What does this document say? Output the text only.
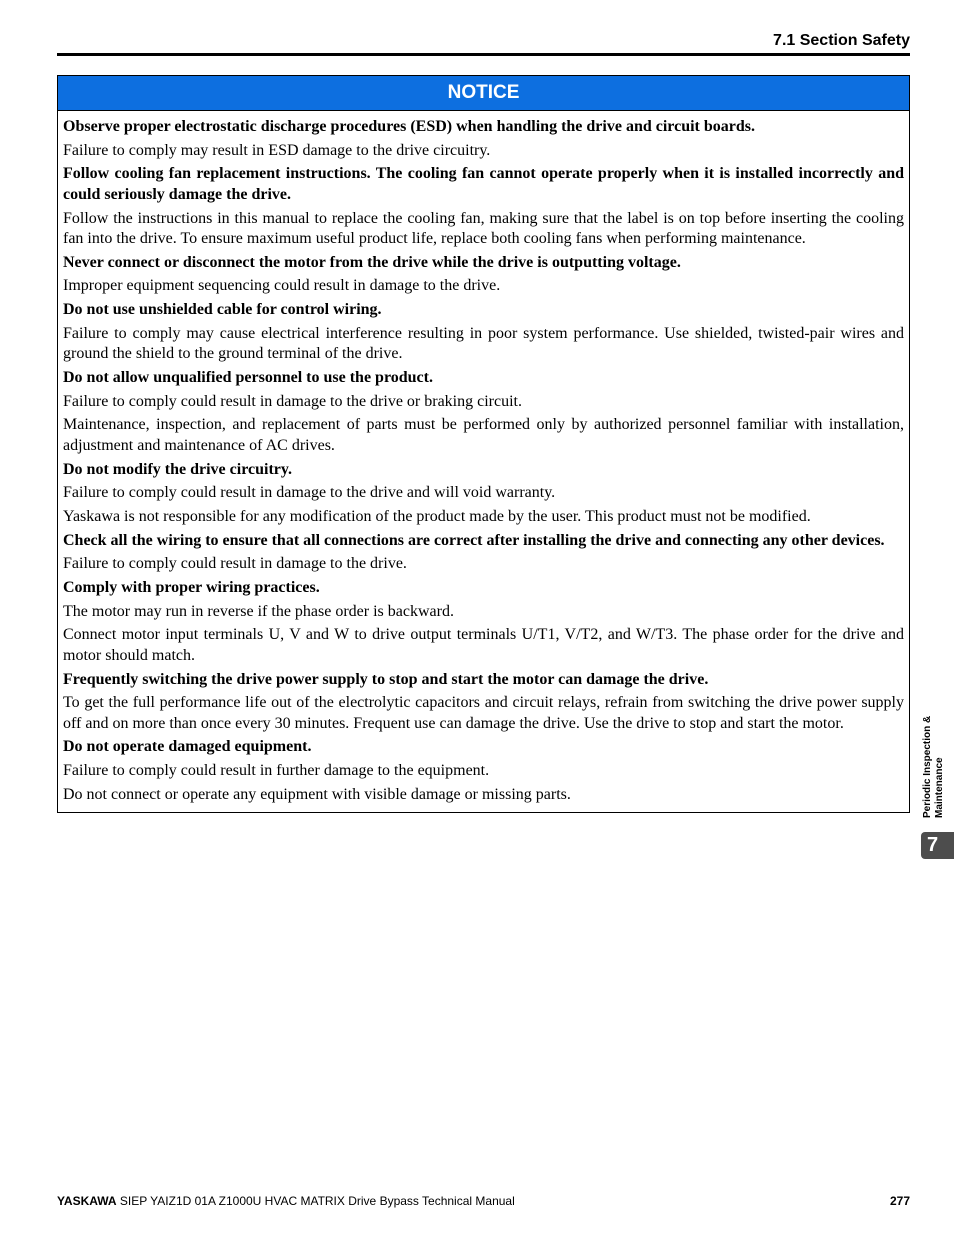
7.1 Section Safety
NOTICE

Observe proper electrostatic discharge procedures (ESD) when handling the drive and circuit boards.

Failure to comply may result in ESD damage to the drive circuitry.

Follow cooling fan replacement instructions. The cooling fan cannot operate properly when it is installed incorrectly and could seriously damage the drive.

Follow the instructions in this manual to replace the cooling fan, making sure that the label is on top before inserting the cooling fan into the drive. To ensure maximum useful product life, replace both cooling fans when performing maintenance.

Never connect or disconnect the motor from the drive while the drive is outputting voltage.

Improper equipment sequencing could result in damage to the drive.

Do not use unshielded cable for control wiring.

Failure to comply may cause electrical interference resulting in poor system performance. Use shielded, twisted-pair wires and ground the shield to the ground terminal of the drive.

Do not allow unqualified personnel to use the product.

Failure to comply could result in damage to the drive or braking circuit.

Maintenance, inspection, and replacement of parts must be performed only by authorized personnel familiar with installation, adjustment and maintenance of AC drives.

Do not modify the drive circuitry.

Failure to comply could result in damage to the drive and will void warranty.

Yaskawa is not responsible for any modification of the product made by the user. This product must not be modified.

Check all the wiring to ensure that all connections are correct after installing the drive and connecting any other devices.

Failure to comply could result in damage to the drive.

Comply with proper wiring practices.

The motor may run in reverse if the phase order is backward.

Connect motor input terminals U, V and W to drive output terminals U/T1, V/T2, and W/T3. The phase order for the drive and motor should match.

Frequently switching the drive power supply to stop and start the motor can damage the drive.

To get the full performance life out of the electrolytic capacitors and circuit relays, refrain from switching the drive power supply off and on more than once every 30 minutes. Frequent use can damage the drive. Use the drive to stop and start the motor.

Do not operate damaged equipment.

Failure to comply could result in further damage to the equipment.

Do not connect or operate any equipment with visible damage or missing parts.	Periodic Inspection & Maintenance
7
YASKAWA SIEP YAIZ1D 01A Z1000U HVAC MATRIX Drive Bypass Technical Manual	277
